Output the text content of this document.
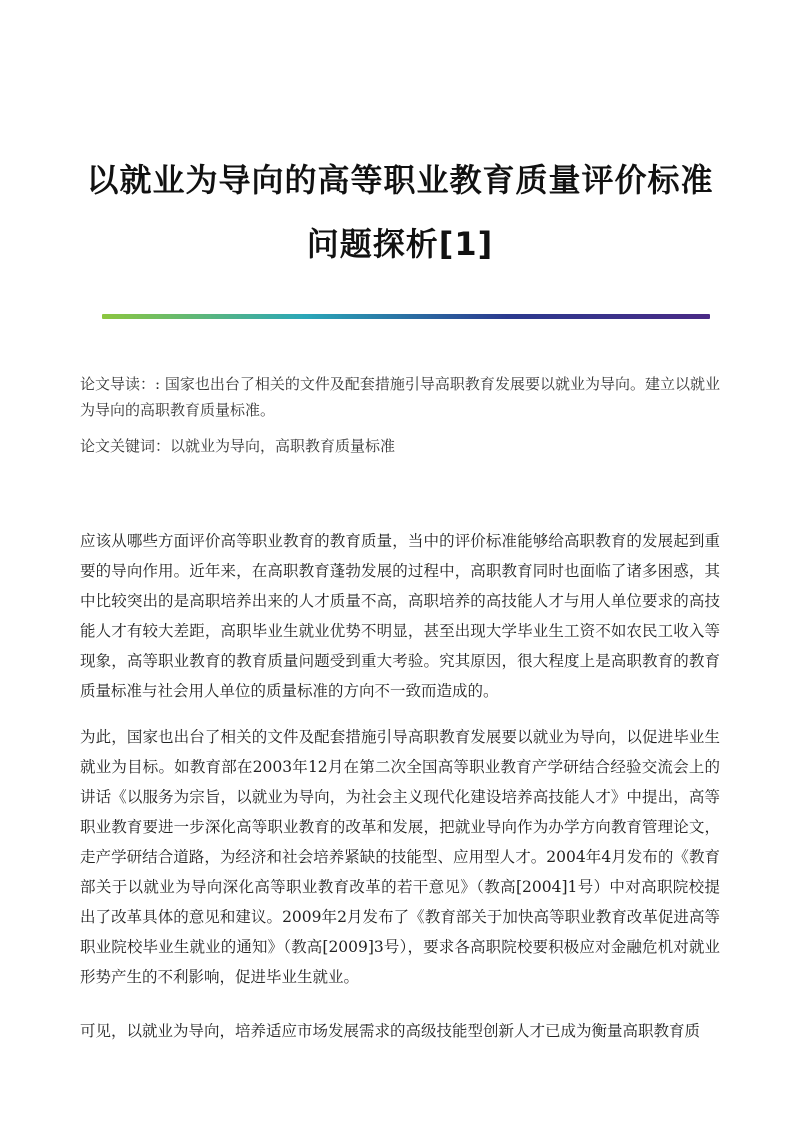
以就业为导向的高等职业教育质量评价标准
问题探析[1]
论文导读：: 国家也出台了相关的文件及配套措施引导高职教育发展要以就业为导向。建立以就业为导向的高职教育质量标准。
论文关键词：以就业为导向，高职教育质量标准
应该从哪些方面评价高等职业教育的教育质量，当中的评价标准能够给高职教育的发展起到重要的导向作用。近年来，在高职教育蓬勃发展的过程中，高职教育同时也面临了诸多困惑，其中比较突出的是高职培养出来的人才质量不高，高职培养的高技能人才与用人单位要求的高技能人才有较大差距，高职毕业生就业优势不明显，甚至出现大学毕业生工资不如农民工收入等现象，高等职业教育的教育质量问题受到重大考验。究其原因，很大程度上是高职教育的教育质量标准与社会用人单位的质量标准的方向不一致而造成的。
为此，国家也出台了相关的文件及配套措施引导高职教育发展要以就业为导向，以促进毕业生就业为目标。如教育部在2003年12月在第二次全国高等职业教育产学研结合经验交流会上的讲话《以服务为宗旨，以就业为导向，为社会主义现代化建设培养高技能人才》中提出，高等职业教育要进一步深化高等职业教育的改革和发展，把就业导向作为办学方向教育管理论文，走产学研结合道路，为经济和社会培养紧缺的技能型、应用型人才。2004年4月发布的《教育部关于以就业为导向深化高等职业教育改革的若干意见》（教高[2004]1号）中对高职院校提出了改革具体的意见和建议。2009年2月发布了《教育部关于加快高等职业教育改革促进高等职业院校毕业生就业的通知》（教高[2009]3号），要求各高职院校要积极应对金融危机对就业形势产生的不利影响，促进毕业生就业。
可见，以就业为导向，培养适应市场发展需求的高级技能型创新人才已成为衡量高职教育质
